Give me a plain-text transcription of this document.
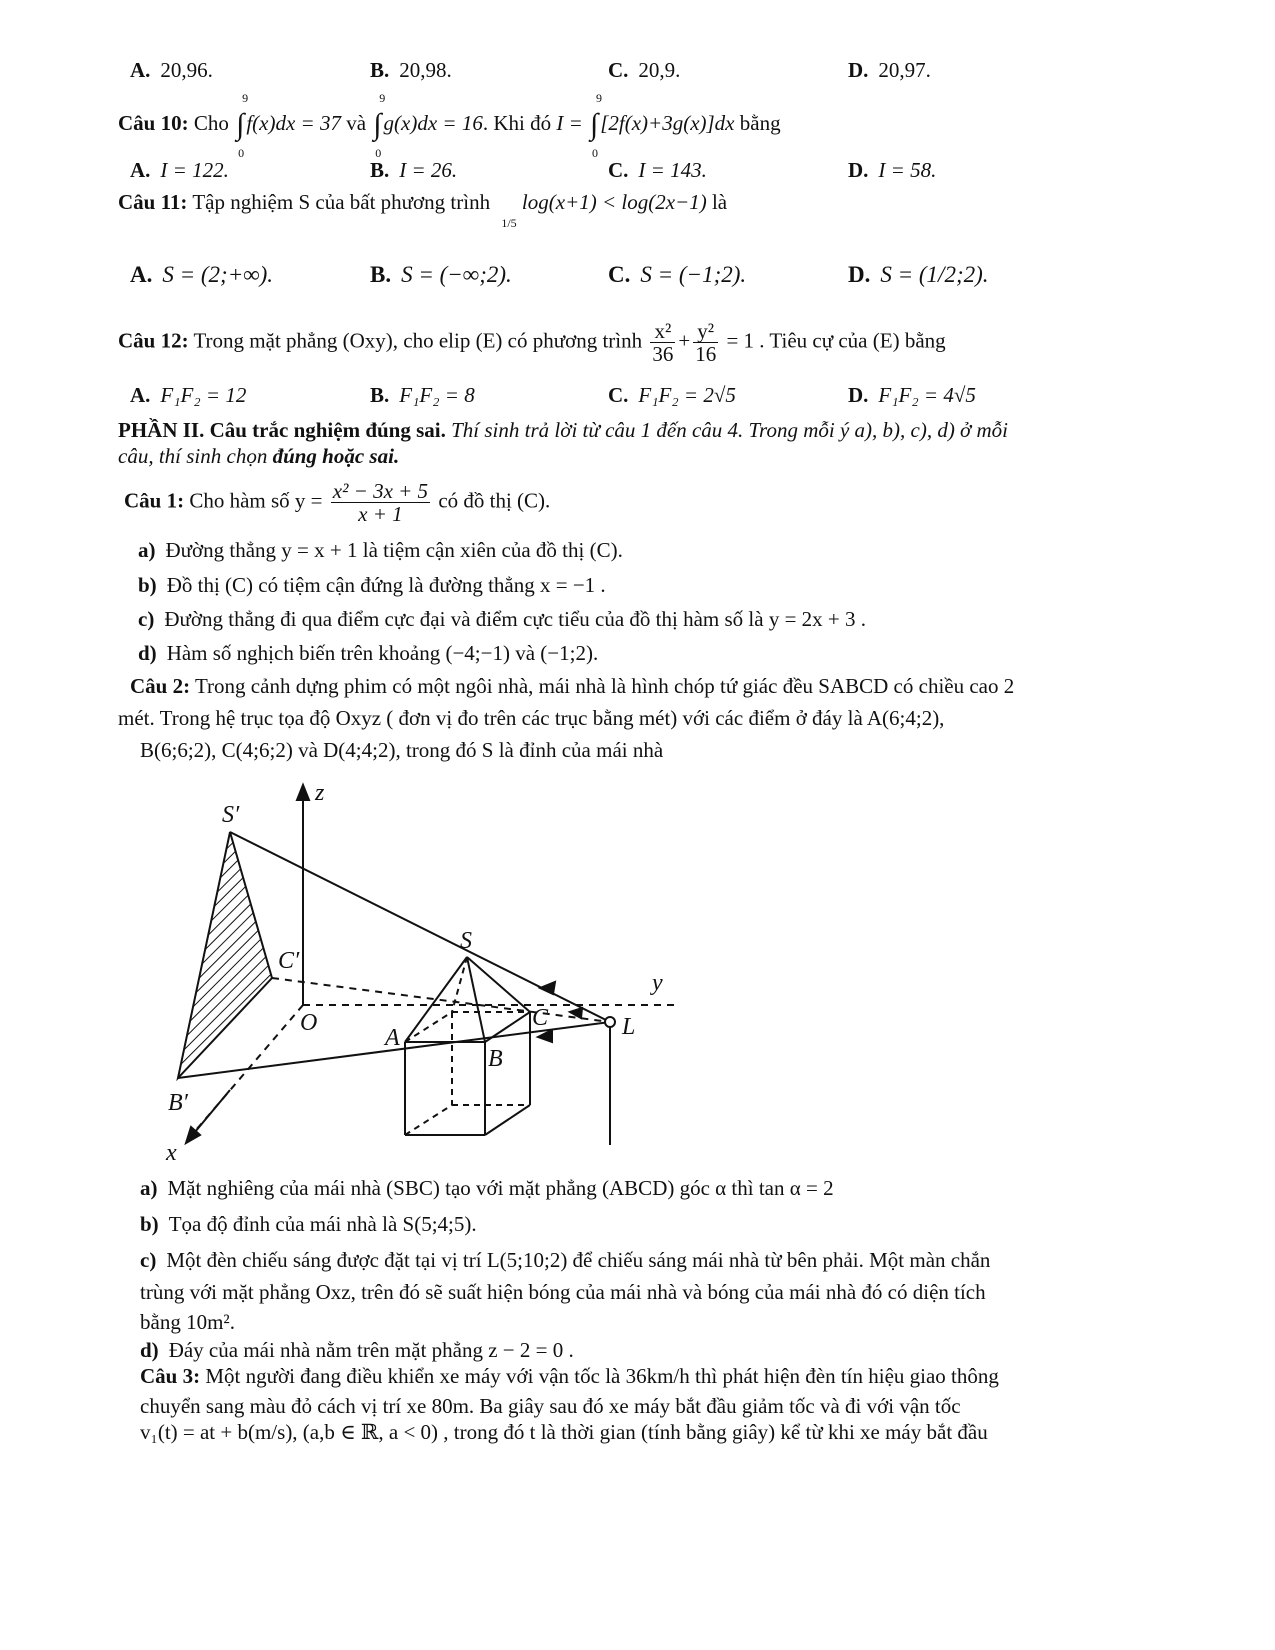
A. 20,96.	B. 20,98.	C. 20,9.	D. 20,97.
Câu 10: Cho
9
∫
0
f(x)dx = 37 và
9
∫
0
g(x)dx = 16. Khi đó I =
9
∫
0
[2f(x)+3g(x)]dx bằng
A. I = 122.	B. I = 26.	C. I = 143.	D. I = 58.
Câu 11: Tập nghiệm S của bất phương trình $_{1/5}$ log(x+1) < log(2x−1) là
A. S = (2;+∞).	B. S = (−∞;2).	C. S = (−1;2).	D. S = (1/2;2).
Câu 12: Trong mặt phẳng (Oxy), cho elip (E) có phương trình $\frac{\text{x²}}{36} + \frac{\text{y²}}{16} = 1$ . Tiêu cự của (E) bằng
A. F₁F₂ = 12	B. F₁F₂ = 8	C. F₁F₂ = 2√5	D. F₁F₂ = 4√5
PHẦN II. Câu trắc nghiệm đúng sai. Thí sinh trả lời từ câu 1 đến câu 4. Trong mỗi ý a), b), c), d) ở mỗi
câu, thí sinh chọn đúng hoặc sai.
Câu 1: Cho hàm số $y = \frac{\text{x² − 3x + 5}}{x + 1}$ có đồ thị (C).
a) Đường thẳng y = x + 1 là tiệm cận xiên của đồ thị (C).
b) Đồ thị (C) có tiệm cận đứng là đường thẳng x = −1 .
c) Đường thẳng đi qua điểm cực đại và điểm cực tiểu của đồ thị hàm số là y = 2x + 3 .
d) Hàm số nghịch biến trên khoảng (−4;−1) và (−1;2).
Câu 2: Trong cảnh dựng phim có một ngôi nhà, mái nhà là hình chóp tứ giác đều SABCD có chiều cao 2
mét. Trong hệ trục tọa độ Oxyz ( đơn vị đo trên các trục bằng mét) với các điểm ở đáy là A(6;4;2),
B(6;6;2), C(4;6;2) và D(4;4;2), trong đó S là đỉnh của mái nhà
z
y
x
O
S
S′
C′
B′
A
B
C	L
a) Mặt nghiêng của mái nhà (SBC) tạo với mặt phẳng (ABCD) góc α thì tan α = 2
b) Tọa độ đỉnh của mái nhà là S(5;4;5).
c) Một đèn chiếu sáng được đặt tại vị trí L(5;10;2) để chiếu sáng mái nhà từ bên phải. Một màn chắn
trùng với mặt phẳng Oxz, trên đó sẽ suất hiện bóng của mái nhà và bóng của mái nhà đó có diện tích
bằng 10m².
d) Đáy của mái nhà nằm trên mặt phẳng z − 2 = 0 .
Câu 3: Một người đang điều khiển xe máy với vận tốc là 36km/h thì phát hiện đèn tín hiệu giao thông
chuyển sang màu đỏ cách vị trí xe 80m. Ba giây sau đó xe máy bắt đầu giảm tốc và đi với vận tốc
v₁(t) = at + b(m/s), (a,b ∈ ℝ, a < 0) , trong đó t là thời gian (tính bằng giây) kể từ khi xe máy bắt đầu
